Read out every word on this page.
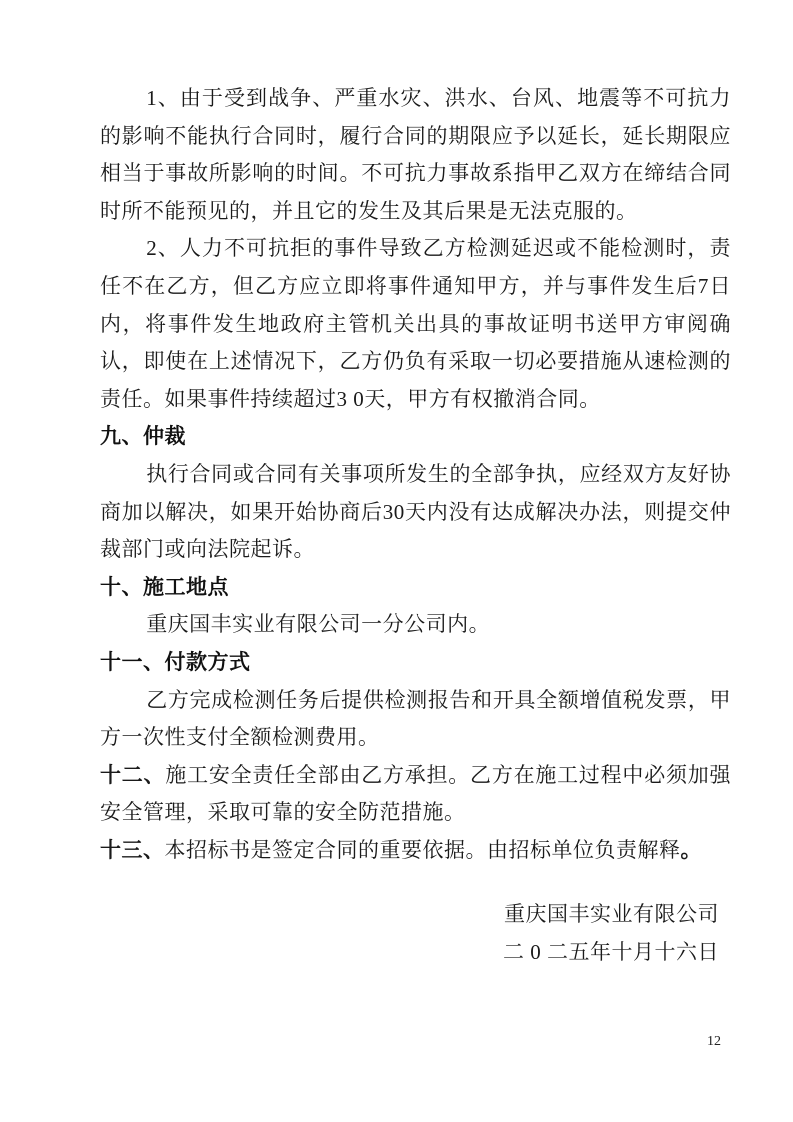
1、由于受到战争、严重水灾、洪水、台风、地震等不可抗力的影响不能执行合同时，履行合同的期限应予以延长，延长期限应相当于事故所影响的时间。不可抗力事故系指甲乙双方在缔结合同时所不能预见的，并且它的发生及其后果是无法克服的。

2、人力不可抗拒的事件导致乙方检测延迟或不能检测时，责任不在乙方，但乙方应立即将事件通知甲方，并与事件发生后7日内，将事件发生地政府主管机关出具的事故证明书送甲方审阅确认，即使在上述情况下，乙方仍负有采取一切必要措施从速检测的责任。如果事件持续超过3 0天，甲方有权撤消合同。

九、仲裁

执行合同或合同有关事项所发生的全部争执，应经双方友好协商加以解决，如果开始协商后30天内没有达成解决办法，则提交仲裁部门或向法院起诉。

十、施工地点

重庆国丰实业有限公司一分公司内。

十一、付款方式

乙方完成检测任务后提供检测报告和开具全额增值税发票，甲方一次性支付全额检测费用。

十二、施工安全责任全部由乙方承担。乙方在施工过程中必须加强安全管理，采取可靠的安全防范措施。

十三、本招标书是签定合同的重要依据。由招标单位负责解释。

重庆国丰实业有限公司
二 0 二五年十月十六日
12
